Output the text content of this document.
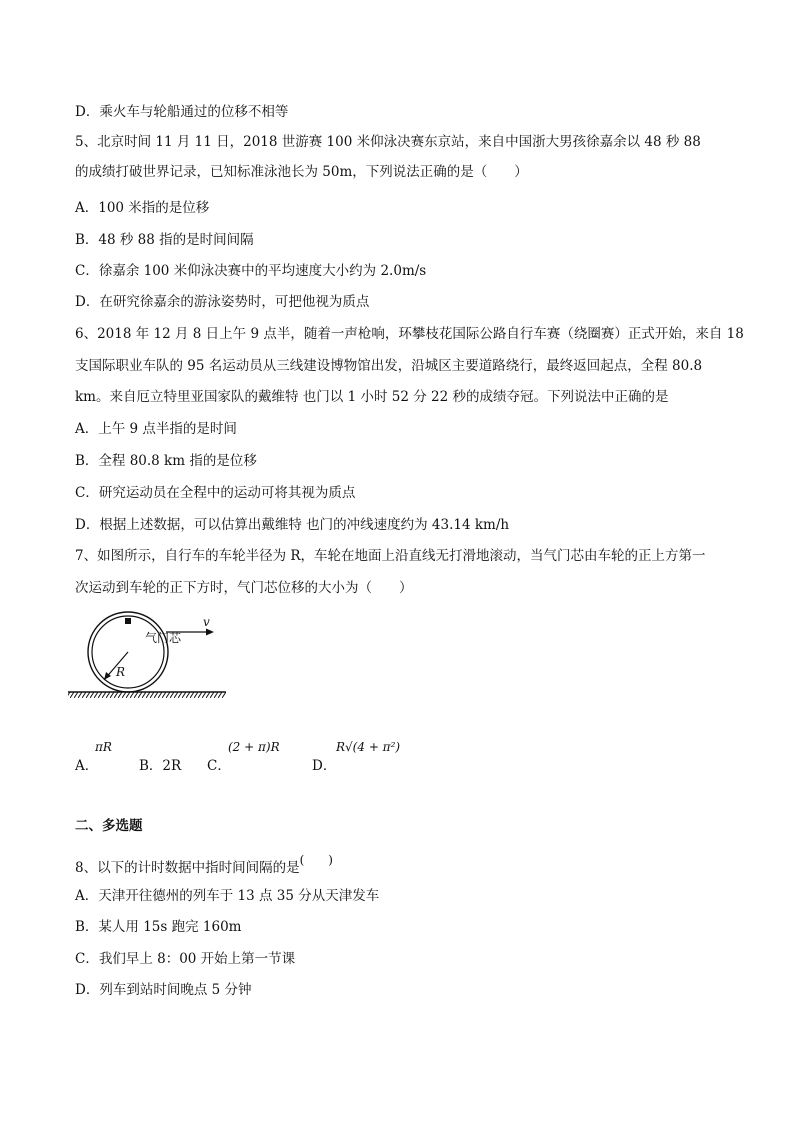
D．乘火车与轮船通过的位移不相等
5、北京时间 11 月 11 日，2018 世游赛 100 米仰泳决赛东京站，来自中国浙大男孩徐嘉余以 48 秒 88
的成绩打破世界记录，已知标准泳池长为 50m，下列说法正确的是（　　）
A．100 米指的是位移
B．48 秒 88 指的是时间间隔
C．徐嘉余 100 米仰泳决赛中的平均速度大小约为 2.0m/s
D．在研究徐嘉余的游泳姿势时，可把他视为质点
6、2018 年 12 月 8 日上午 9 点半，随着一声枪响，环攀枝花国际公路自行车赛（绕圈赛）正式开始，来自 18
支国际职业车队的 95 名运动员从三线建设博物馆出发，沿城区主要道路绕行，最终返回起点，全程 80.8
km。来自厄立特里亚国家队的戴维特 也门以 1 小时 52 分 22 秒的成绩夺冠。下列说法中正确的是
A．上午 9 点半指的是时间
B．全程 80.8 km 指的是位移
C．研究运动员在全程中的运动可将其视为质点
D．根据上述数据，可以估算出戴维特 也门的冲线速度约为 43.14 km/h
7、如图所示，自行车的车轮半径为 R，车轮在地面上沿直线无打滑地滚动，当气门芯由车轮的正上方第一
次运动到车轮的正下方时，气门芯位移的大小为（　　）
气门芯
v
R
A．
πR
B．2R C．
(2 + π)R
D．
R√(4 + π²)
二、多选题
8、以下的计时数据中指时间间隔的是(　　)
A．天津开往德州的列车于 13 点 35 分从天津发车
B．某人用 15s 跑完 160m
C．我们早上 8：00 开始上第一节课
D．列车到站时间晚点 5 分钟
